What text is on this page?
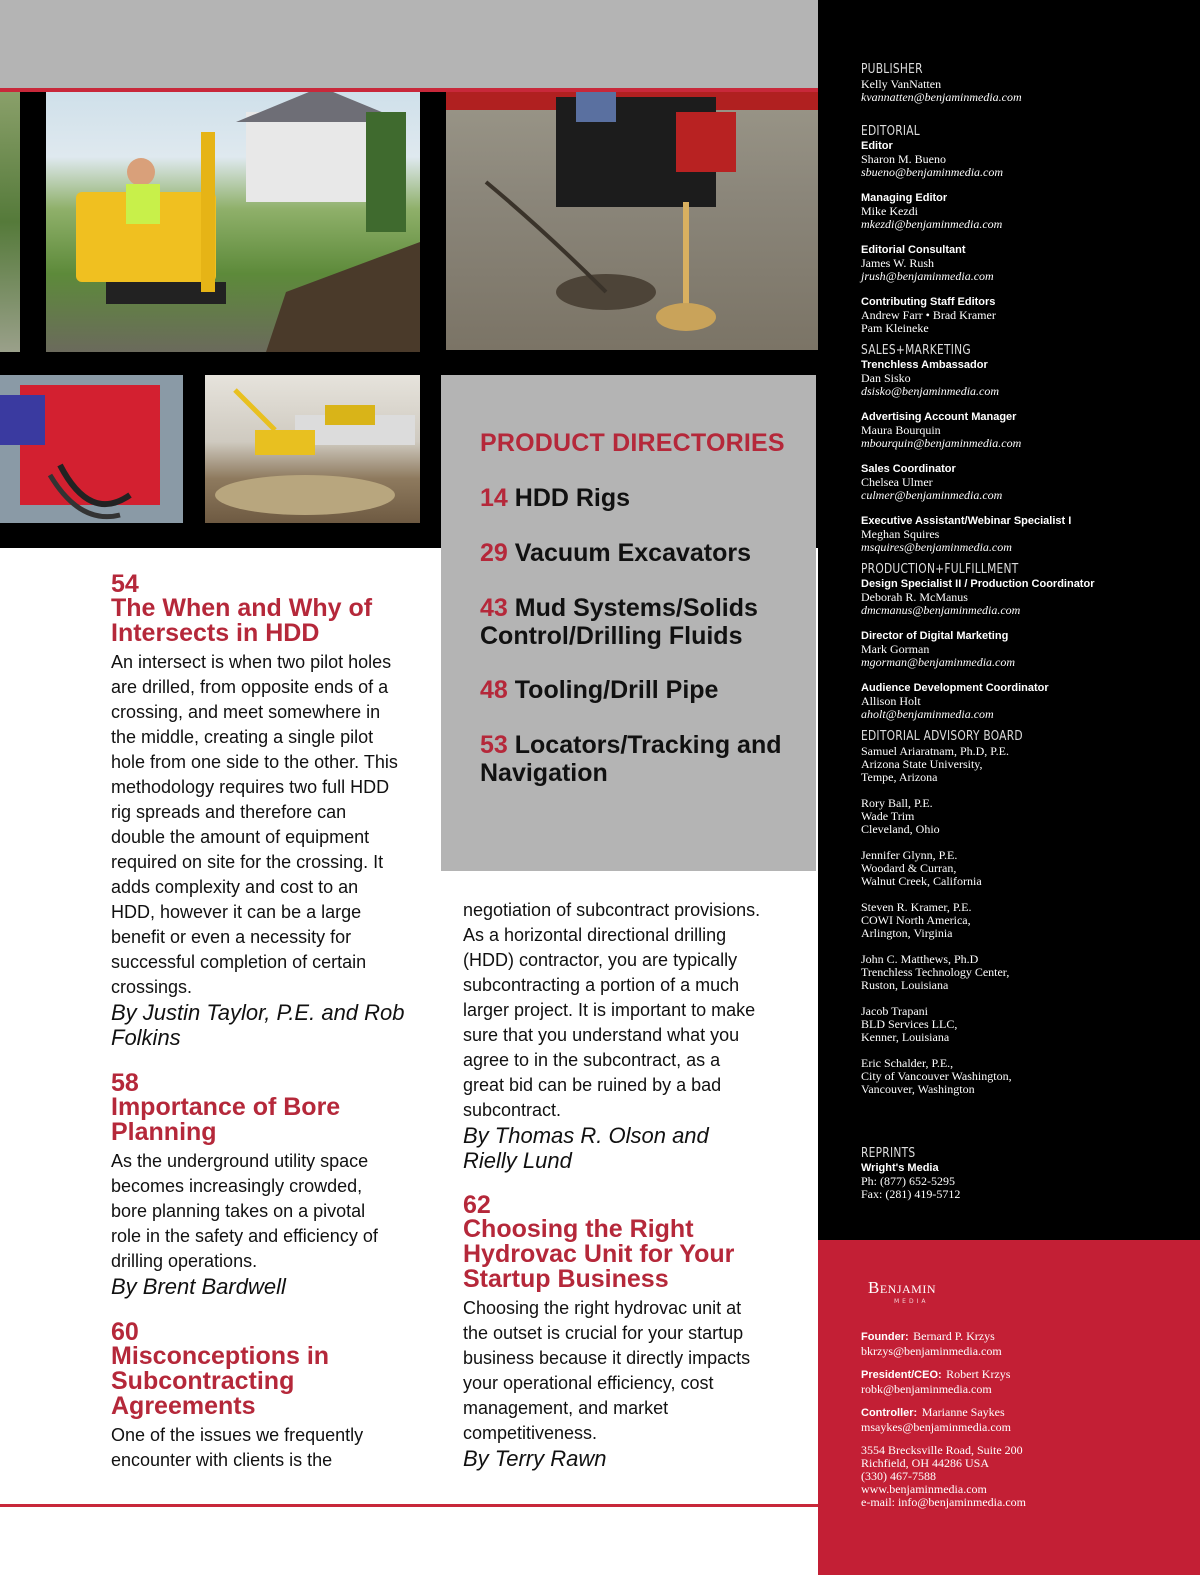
PRODUCT DIRECTORIES

14 HDD Rigs

29 Vacuum Excavators

43 Mud Systems/Solids Control/Drilling Fluids

48 Tooling/Drill Pipe

53 Locators/Tracking and Navigation

54
The When and Why of Intersects in HDD

An intersect is when two pilot holes are drilled, from opposite ends of a crossing, and meet somewhere in the middle, creating a single pilot hole from one side to the other. This methodology requires two full HDD rig spreads and therefore can double the amount of equipment required on site for the crossing. It adds complexity and cost to an HDD, however it can be a large benefit or even a necessity for successful completion of certain crossings.

By Justin Taylor, P.E. and Rob Folkins

58
Importance of Bore Planning

As the underground utility space becomes increasingly crowded, bore planning takes on a pivotal role in the safety and efficiency of drilling operations.

By Brent Bardwell

60
Misconceptions in Subcontracting Agreements

One of the issues we frequently encounter with clients is the

negotiation of subcontract provisions. As a horizontal directional drilling (HDD) contractor, you are typically subcontracting a portion of a much larger project. It is important to make sure that you understand what you agree to in the subcontract, as a great bid can be ruined by a bad subcontract.

By Thomas R. Olson and Rielly Lund

62
Choosing the Right Hydrovac Unit for Your Startup Business

Choosing the right hydrovac unit at the outset is crucial for your startup business because it directly impacts your operational efficiency, cost management, and market competitiveness.

By Terry Rawn

PUBLISHER
Kelly VanNatten
kvannatten@benjaminmedia.com
EDITORIAL
Editor
Sharon M. Bueno
sbueno@benjaminmedia.com
Managing Editor
Mike Kezdi
mkezdi@benjaminmedia.com
Editorial Consultant
James W. Rush
jrush@benjaminmedia.com
Contributing Staff Editors
Andrew Farr • Brad Kramer
Pam Kleineke
SALES+MARKETING
Trenchless Ambassador
Dan Sisko
dsisko@benjaminmedia.com
Advertising Account Manager
Maura Bourquin
mbourquin@benjaminmedia.com
Sales Coordinator
Chelsea Ulmer
culmer@benjaminmedia.com
Executive Assistant/Webinar Specialist I
Meghan Squires
msquires@benjaminmedia.com
PRODUCTION+FULFILLMENT
Design Specialist II / Production Coordinator
Deborah R. McManus
dmcmanus@benjaminmedia.com
Director of Digital Marketing
Mark Gorman
mgorman@benjaminmedia.com
Audience Development Coordinator
Allison Holt
aholt@benjaminmedia.com
EDITORIAL ADVISORY BOARD
Samuel Ariaratnam, Ph.D, P.E.
Arizona State University,
Tempe, Arizona
Rory Ball, P.E.
Wade Trim
Cleveland, Ohio
Jennifer Glynn, P.E.
Woodard & Curran,
Walnut Creek, California
Steven R. Kramer, P.E.
COWI North America,
Arlington, Virginia
John C. Matthews, Ph.D
Trenchless Technology Center,
Ruston, Louisiana
Jacob Trapani
BLD Services LLC,
Kenner, Louisiana
Eric Schalder, P.E.,
City of Vancouver Washington,
Vancouver, Washington
REPRINTS
Wright's Media
Ph: (877) 652-5295
Fax: (281) 419-5712
Benjamin
MEDIA
Founder: Bernard P. Krzys
bkrzys@benjaminmedia.com
President/CEO: Robert Krzys
robk@benjaminmedia.com
Controller: Marianne Saykes
msaykes@benjaminmedia.com
3554 Brecksville Road, Suite 200
Richfield, OH 44286 USA
(330) 467-7588
www.benjaminmedia.com
e-mail: info@benjaminmedia.com
